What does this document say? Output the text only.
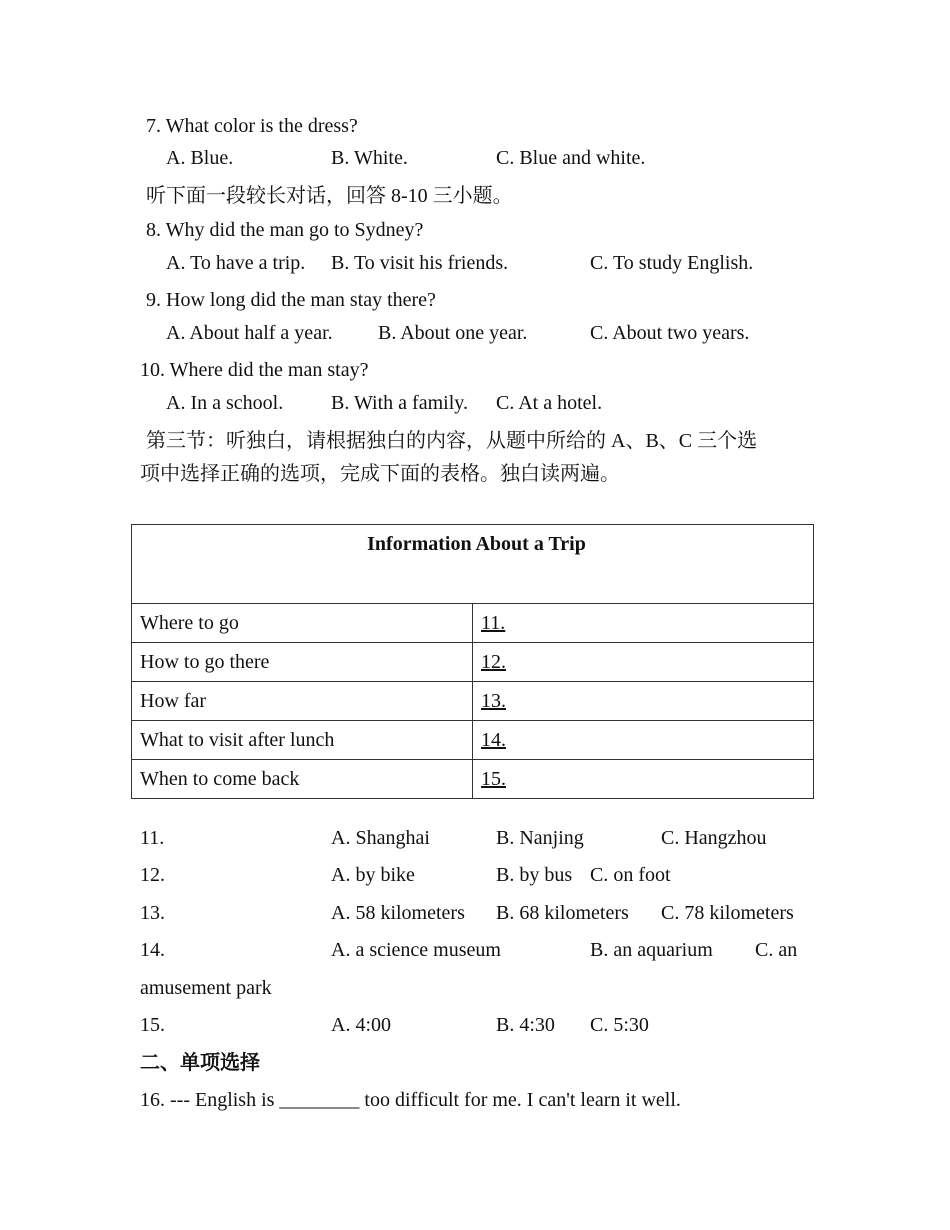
7. What color is the dress?
A. Blue.	B. White.	C. Blue and white.
听下面一段较长对话，回答 8-10 三小题。
8. Why did the man go to Sydney?
A. To have a trip. B. To visit his friends.	C. To study English.
9. How long did the man stay there?
A. About half a year. B. About one year.	C. About two years.
10. Where did the man stay?
A. In a school. B. With a family. C. At a hotel.
第三节：听独白，请根据独白的内容，从题中所给的 A、B、C 三个选
项中选择正确的选项，完成下面的表格。独白读两遍。
Information About a Trip	
Where to go	11.
How to go there	12.
How far	13.
What to visit after lunch	14.
When to come back	15.
11.	A. Shanghai	B. Nanjing	C. Hangzhou
12.	A. by bike	B. by bus C. on foot
13.	A. 58 kilometers B. 68 kilometers C. 78 kilometers
14.	A. a science museum	B. an aquarium C. an
amusement park
15.	A. 4:00	B. 4:30 C. 5:30
二、单项选择
16. --- English is ________ too difficult for me. I can't learn it well.
